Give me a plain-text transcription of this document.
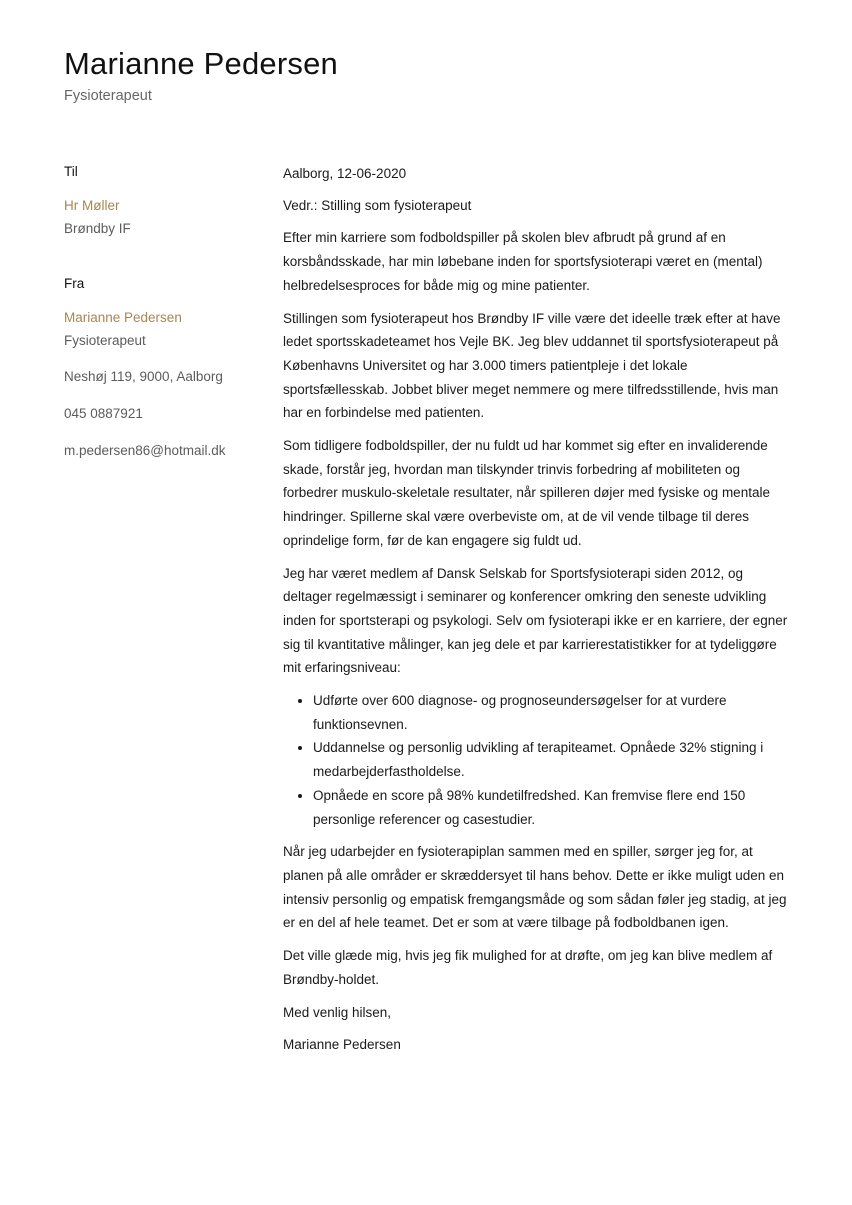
Marianne Pedersen
Fysioterapeut
Til
Hr Møller
Brøndby IF
Fra
Marianne Pedersen
Fysioterapeut
Neshøj 119, 9000, Aalborg
045 0887921
m.pedersen86@hotmail.dk

Aalborg, 12-06-2020

Vedr.: Stilling som fysioterapeut

Efter min karriere som fodboldspiller på skolen blev afbrudt på grund af en korsbåndsskade, har min løbebane inden for sportsfysioterapi været en (mental) helbredelsesproces for både mig og mine patienter.

Stillingen som fysioterapeut hos Brøndby IF ville være det ideelle træk efter at have ledet sportsskadeteamet hos Vejle BK. Jeg blev uddannet til sportsfysioterapeut på Københavns Universitet og har 3.000 timers patientpleje i det lokale sportsfællesskab. Jobbet bliver meget nemmere og mere tilfredsstillende, hvis man har en forbindelse med patienten.

Som tidligere fodboldspiller, der nu fuldt ud har kommet sig efter en invaliderende skade, forstår jeg, hvordan man tilskynder trinvis forbedring af mobiliteten og forbedrer muskulo-skeletale resultater, når spilleren døjer med fysiske og mentale hindringer. Spillerne skal være overbeviste om, at de vil vende tilbage til deres oprindelige form, før de kan engagere sig fuldt ud.

Jeg har været medlem af Dansk Selskab for Sportsfysioterapi siden 2012, og deltager regelmæssigt i seminarer og konferencer omkring den seneste udvikling inden for sportsterapi og psykologi. Selv om fysioterapi ikke er en karriere, der egner sig til kvantitative målinger, kan jeg dele et par karrierestatistikker for at tydeliggøre mit erfaringsniveau:

• Udførte over 600 diagnose- og prognoseundersøgelser for at vurdere funktionsevnen.
• Uddannelse og personlig udvikling af terapiteamet. Opnåede 32% stigning i medarbejderfastholdelse.
• Opnåede en score på 98% kundetilfredshed. Kan fremvise flere end 150 personlige referencer og casestudier.

Når jeg udarbejder en fysioterapiplan sammen med en spiller, sørger jeg for, at planen på alle områder er skræddersyet til hans behov. Dette er ikke muligt uden en intensiv personlig og empatisk fremgangsmåde og som sådan føler jeg stadig, at jeg er en del af hele teamet. Det er som at være tilbage på fodboldbanen igen.

Det ville glæde mig, hvis jeg fik mulighed for at drøfte, om jeg kan blive medlem af Brøndby-holdet.

Med venlig hilsen,

Marianne Pedersen
